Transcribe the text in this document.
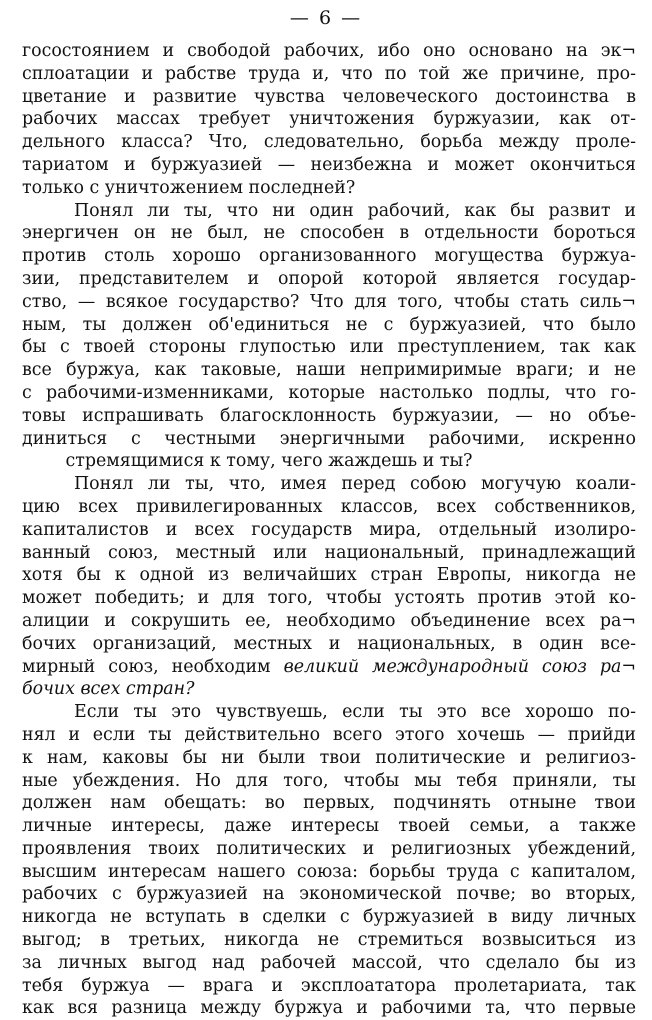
— 6 —
госостоянием и свободой рабочих, ибо оно основано на эк¬
сплоатации и рабстве труда и, что по той же причине, про-
цветание и развитие чувства человеческого достоинства в
рабочих массах требует уничтожения буржуазии, как от-
дельного класса? Что, следовательно, борьба между проле-
тариатом и буржуазией — неизбежна и может окончиться
только с уничтожением последней?
Понял ли ты, что ни один рабочий, как бы развит и
энергичен он не был, не способен в отдельности бороться
против столь хорошо организованного могущества буржуа-
зии, представителем и опорой которой является государ-
ство, — всякое государство? Что для того, чтобы стать силь¬
ным, ты должен об'единиться не с буржуазией, что было
бы с твоей стороны глупостью или преступлением, так как
все буржуа, как таковые, наши непримиримые враги; и не
с рабочими-изменниками, которые настолько подлы, что го-
товы испрашивать благосклонность буржуазии, — но объе-
диниться с честными энергичными рабочими, искренно
стремящимися к тому, чего жаждешь и ты?
Понял ли ты, что, имея перед собою могучую коали-
цию всех привилегированных классов, всех собственников,
капиталистов и всех государств мира, отдельный изолиро-
ванный союз, местный или национальный, принадлежащий
хотя бы к одной из величайших стран Европы, никогда не
может победить; и для того, чтобы устоять против этой ко-
алиции и сокрушить ее, необходимо объединение всех ра¬
бочих организаций, местных и национальных, в один все-
мирный союз, необходим великий международный союз ра¬
бочих всех стран?
Если ты это чувствуешь, если ты это все хорошо по-
нял и если ты действительно всего этого хочешь — прийди
к нам, каковы бы ни были твои политические и религиоз-
ные убеждения. Но для того, чтобы мы тебя приняли, ты
должен нам обещать: во первых, подчинять отныне твои
личные интересы, даже интересы твоей семьи, а также
проявления твоих политических и религиозных убеждений,
высшим интересам нашего союза: борьбы труда с капиталом,
рабочих с буржуазией на экономической почве; во вторых,
никогда не вступать в сделки с буржуазией в виду личных
выгод; в третьих, никогда не стремиться возвыситься из
за личных выгод над рабочей массой, что сделало бы из
тебя буржуа — врага и эксплоататора пролетариата, так
как вся разница между буржуа и рабочими та, что первые
